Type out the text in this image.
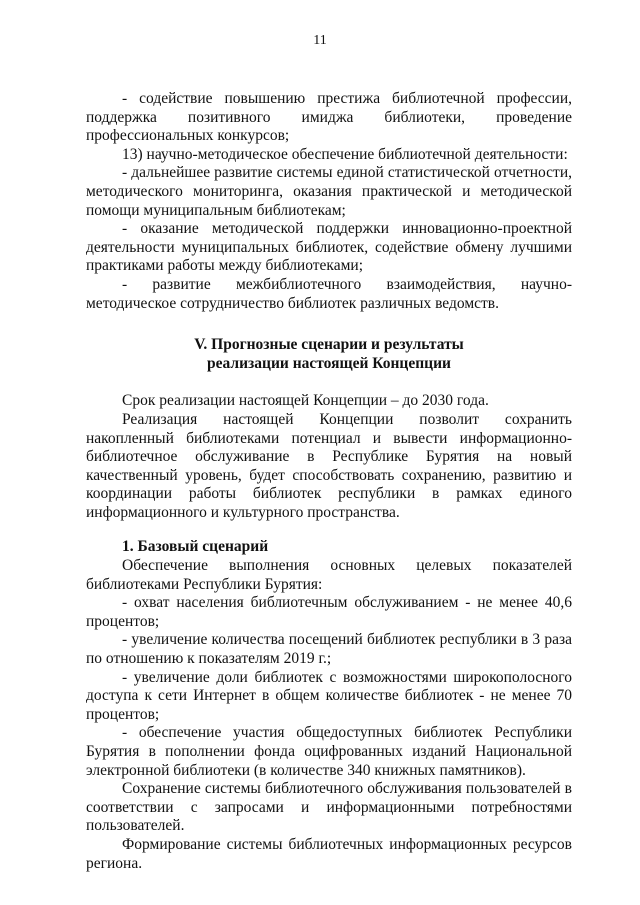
11

- содействие повышению престижа библиотечной профессии, поддержка позитивного имиджа библиотеки, проведение профессиональных конкурсов;

13) научно-методическое обеспечение библиотечной деятельности:

- дальнейшее развитие системы единой статистической отчетности, методического мониторинга, оказания практической и методической помощи муниципальным библиотекам;

- оказание методической поддержки инновационно-проектной деятельности муниципальных библиотек, содействие обмену лучшими практиками работы между библиотеками;

- развитие межбиблиотечного взаимодействия, научно-методическое сотрудничество библиотек различных ведомств.

V. Прогнозные сценарии и результаты
реализации настоящей Концепции

Срок реализации настоящей Концепции – до 2030 года.

Реализация настоящей Концепции позволит сохранить накопленный библиотеками потенциал и вывести информационно-библиотечное обслуживание в Республике Бурятия на новый качественный уровень, будет способствовать сохранению, развитию и координации работы библиотек республики в рамках единого информационного и культурного пространства.

1. Базовый сценарий

Обеспечение выполнения основных целевых показателей библиотеками Республики Бурятия:

- охват населения библиотечным обслуживанием - не менее 40,6 процентов;

- увеличение количества посещений библиотек республики в 3 раза по отношению к показателям 2019 г.;

- увеличение доли библиотек с возможностями широкополосного доступа к сети Интернет в общем количестве библиотек - не менее 70 процентов;

- обеспечение участия общедоступных библиотек Республики Бурятия в пополнении фонда оцифрованных изданий Национальной электронной библиотеки (в количестве 340 книжных памятников).

Сохранение системы библиотечного обслуживания пользователей в соответствии с запросами и информационными потребностями пользователей.

Формирование системы библиотечных информационных ресурсов региона.
